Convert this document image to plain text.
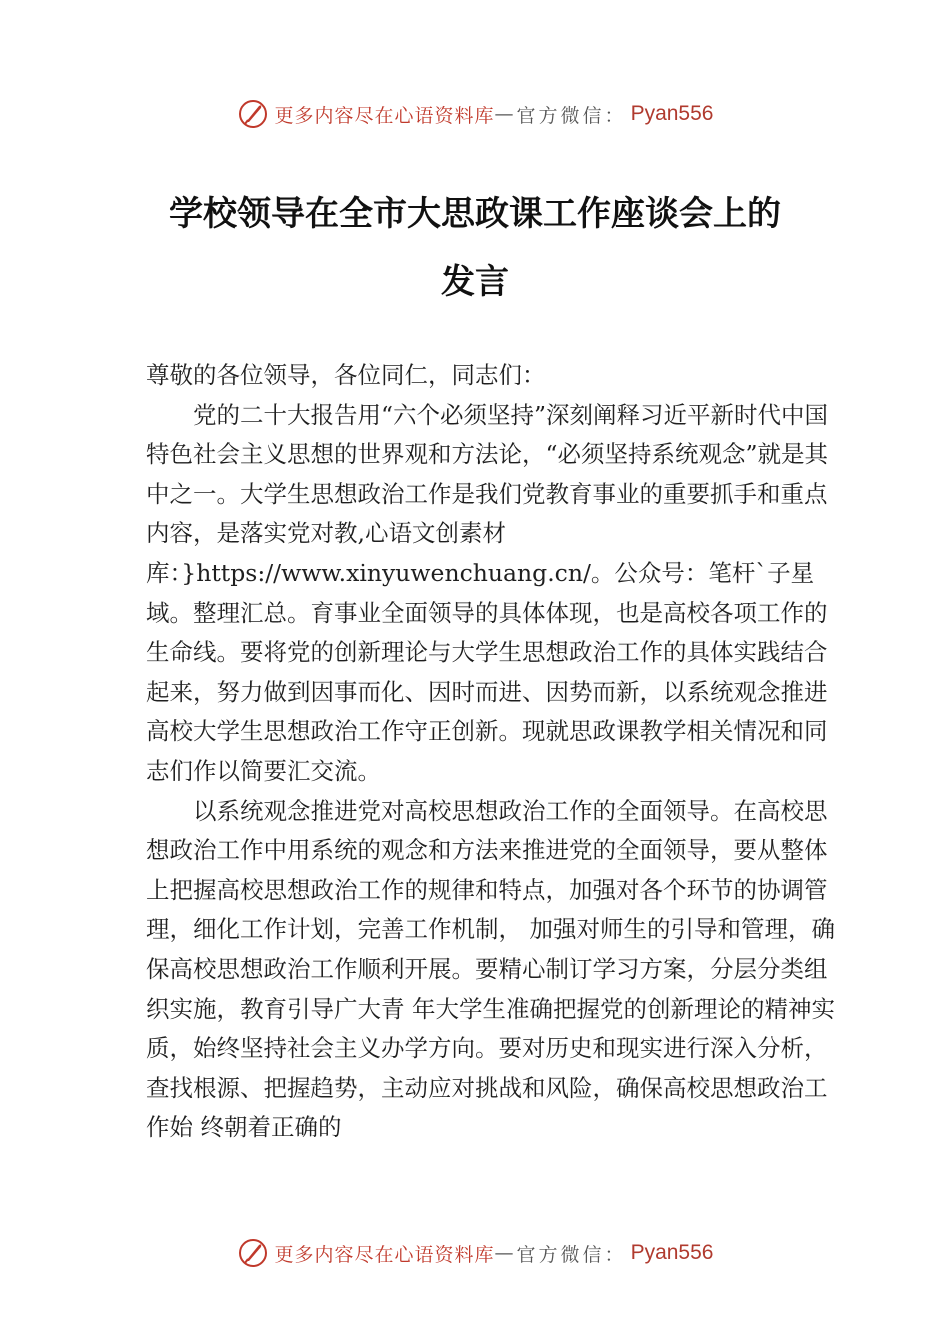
更多内容尽在心语资料库 — 官方微信： Pyan556
学校领导在全市大思政课工作座谈会上的
发言

尊敬的各位领导，各位同仁，同志们：

党的二十大报告用“六个必须坚持”深刻阐释习近平新时代中国特色社会主义思想的世界观和方法论，“必须坚持系统观念”就是其中之一。大学生思想政治工作是我们党教育事业的重要抓手和重点内容，是落实党对教,心语文创素材库：}https://www.xinyuwenchuang.cn/。公众号：笔杆`子星域。整理汇总。育事业全面领导的具体体现，也是高校各项工作的生命线。要将党的创新理论与大学生思想政治工作的具体实践结合起来，努力做到因事而化、因时而进、因势而新，以系统观念推进高校大学生思想政治工作守正创新。现就思政课教学相关情况和同志们作以简要汇交流。

以系统观念推进党对高校思想政治工作的全面领导。在高校思想政治工作中用系统的观念和方法来推进党的全面领导，要从整体上把握高校思想政治工作的规律和特点，加强对各个环节的协调管理，细化工作计划，完善工作机制， 加强对师生的引导和管理，确保高校思想政治工作顺利开展。要精心制订学习方案，分层分类组织实施，教育引导广大青 年大学生准确把握党的创新理论的精神实质，始终坚持社会主义办学方向。要对历史和现实进行深入分析，查找根源、把握趋势，主动应对挑战和风险，确保高校思想政治工作始 终朝着正确的

更多内容尽在心语资料库 — 官方微信： Pyan556
